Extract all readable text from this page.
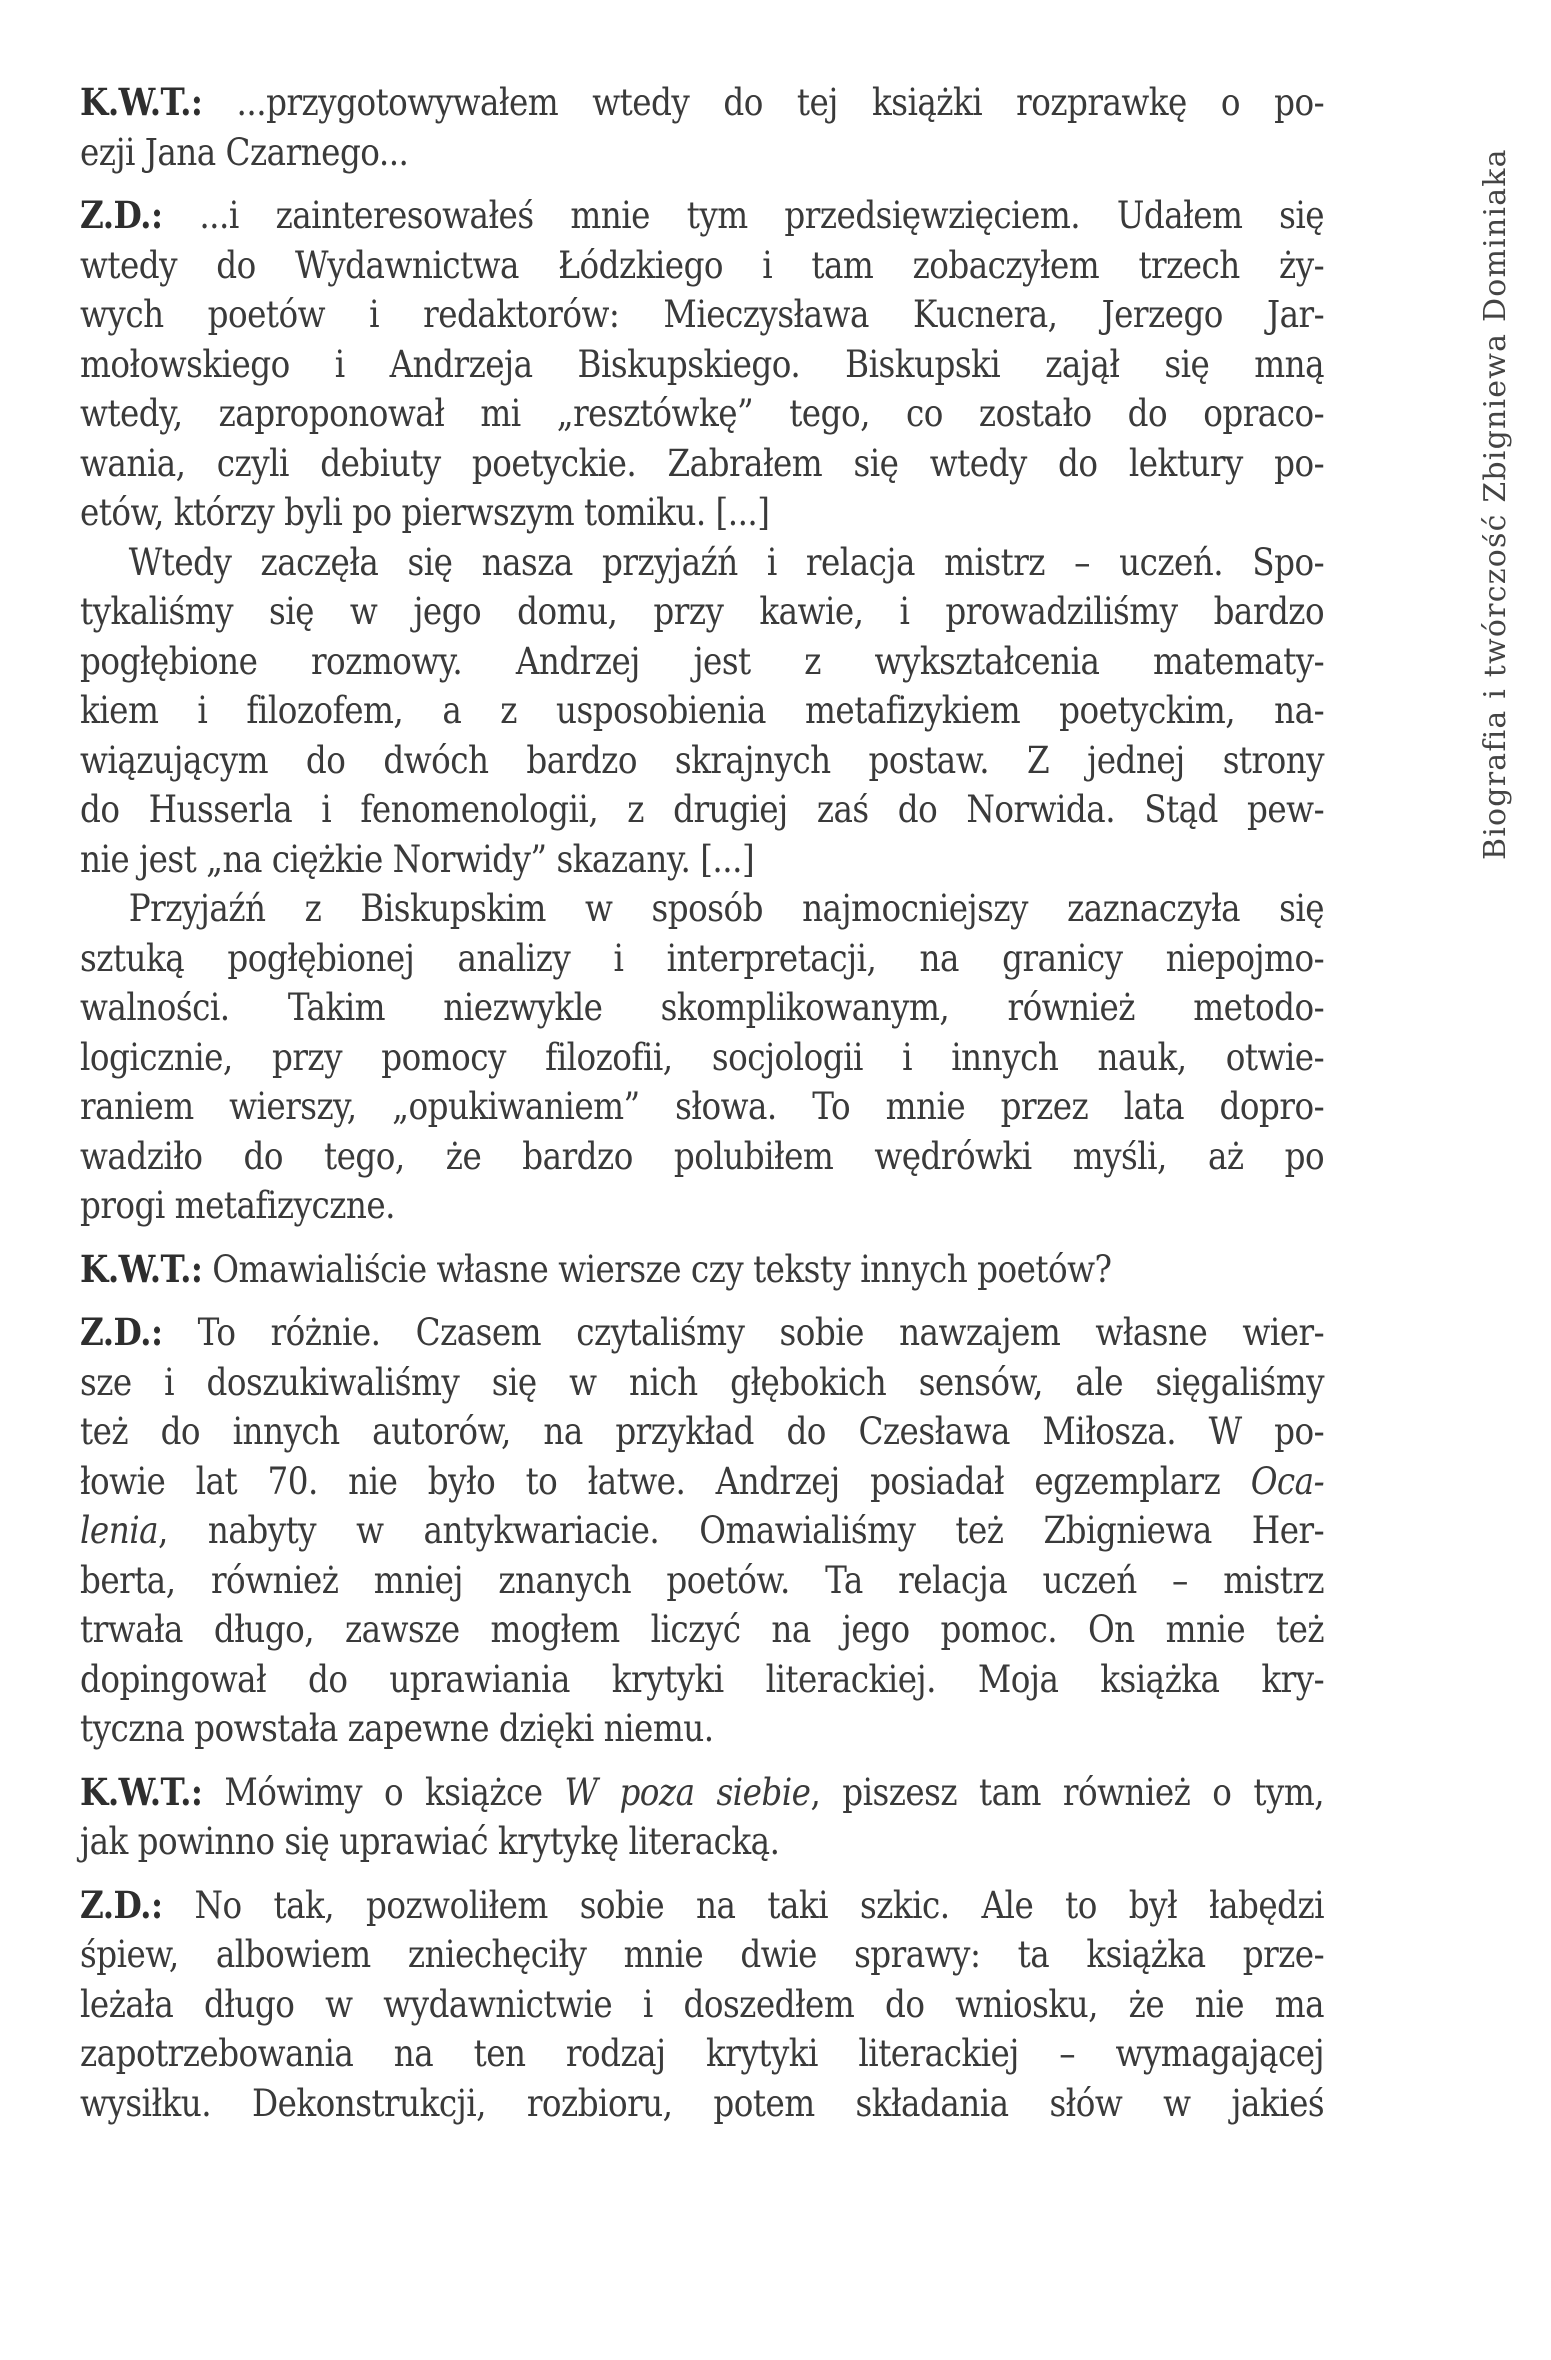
K.W.T.: ...przygotowywałem wtedy do tej książki rozprawkę o po-
ezji Jana Czarnego...
Z.D.: ...i zainteresowałeś mnie tym przedsięwzięciem. Udałem się
wtedy do Wydawnictwa Łódzkiego i tam zobaczyłem trzech ży-
wych poetów i redaktorów: Mieczysława Kucnera, Jerzego Jar-
mołowskiego i Andrzeja Biskupskiego. Biskupski zajął się mną
wtedy, zaproponował mi „resztówkę” tego, co zostało do opraco-
wania, czyli debiuty poetyckie. Zabrałem się wtedy do lektury po-
etów, którzy byli po pierwszym tomiku. [...]
Wtedy zaczęła się nasza przyjaźń i relacja mistrz – uczeń. Spo-
tykaliśmy się w jego domu, przy kawie, i prowadziliśmy bardzo
pogłębione rozmowy. Andrzej jest z wykształcenia matematy-
kiem i filozofem, a z usposobienia metafizykiem poetyckim, na-
wiązującym do dwóch bardzo skrajnych postaw. Z jednej strony
do Husserla i fenomenologii, z drugiej zaś do Norwida. Stąd pew-
nie jest „na ciężkie Norwidy” skazany. [...]
Przyjaźń z Biskupskim w sposób najmocniejszy zaznaczyła się
sztuką pogłębionej analizy i interpretacji, na granicy niepojmo-
walności. Takim niezwykle skomplikowanym, również metodo-
logicznie, przy pomocy filozofii, socjologii i innych nauk, otwie-
raniem wierszy, „opukiwaniem” słowa. To mnie przez lata dopro-
wadziło do tego, że bardzo polubiłem wędrówki myśli, aż po
progi metafizyczne.
K.W.T.: Omawialiście własne wiersze czy teksty innych poetów?
Z.D.: To różnie. Czasem czytaliśmy sobie nawzajem własne wier-
sze i doszukiwaliśmy się w nich głębokich sensów, ale sięgaliśmy
też do innych autorów, na przykład do Czesława Miłosza. W po-
łowie lat 70. nie było to łatwe. Andrzej posiadał egzemplarz Oca-
lenia, nabyty w antykwariacie. Omawialiśmy też Zbigniewa Her-
berta, również mniej znanych poetów. Ta relacja uczeń – mistrz
trwała długo, zawsze mogłem liczyć na jego pomoc. On mnie też
dopingował do uprawiania krytyki literackiej. Moja książka kry-
tyczna powstała zapewne dzięki niemu.
K.W.T.: Mówimy o książce W poza siebie, piszesz tam również o tym,
jak powinno się uprawiać krytykę literacką.
Z.D.: No tak, pozwoliłem sobie na taki szkic. Ale to był łabędzi
śpiew, albowiem zniechęciły mnie dwie sprawy: ta książka prze-
leżała długo w wydawnictwie i doszedłem do wniosku, że nie ma
zapotrzebowania na ten rodzaj krytyki literackiej – wymagającej
wysiłku. Dekonstrukcji, rozbioru, potem składania słów w jakieś
Biografia i twórczość Zbigniewa Dominiaka
